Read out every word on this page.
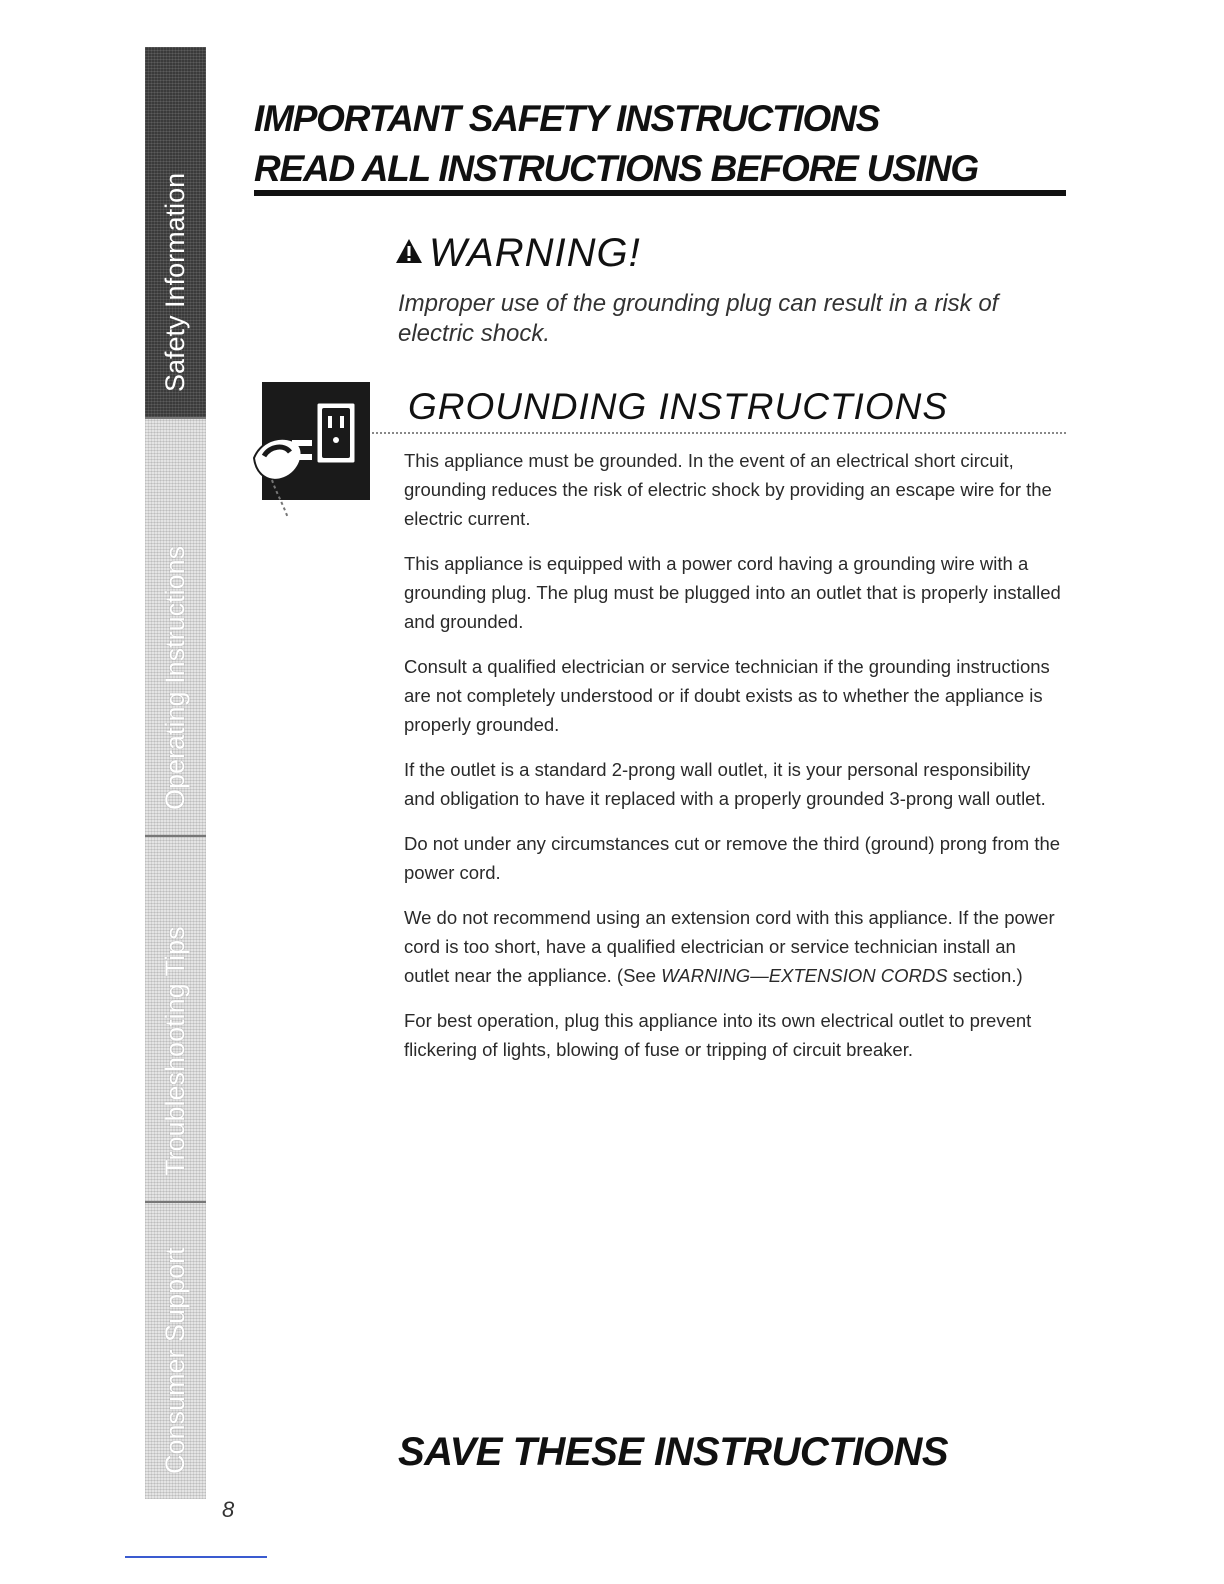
Safety Information
Operating Instructions
Troubleshooting Tips
Consumer Support
IMPORTANT SAFETY INSTRUCTIONS
READ ALL INSTRUCTIONS BEFORE USING
WARNING!
Improper use of the grounding plug can result in a risk of electric shock.
GROUNDING INSTRUCTIONS

This appliance must be grounded. In the event of an electrical short circuit, grounding reduces the risk of electric shock by providing an escape wire for the electric current.

This appliance is equipped with a power cord having a grounding wire with a grounding plug. The plug must be plugged into an outlet that is properly installed and grounded.

Consult a qualified electrician or service technician if the grounding instructions are not completely understood or if doubt exists as to whether the appliance is properly grounded.

If the outlet is a standard 2-prong wall outlet, it is your personal responsibility and obligation to have it replaced with a properly grounded 3-prong wall outlet.

Do not under any circumstances cut or remove the third (ground) prong from the power cord.

We do not recommend using an extension cord with this appliance. If the power cord is too short, have a qualified electrician or service technician install an outlet near the appliance. (See WARNING—EXTENSION CORDS section.)

For best operation, plug this appliance into its own electrical outlet to prevent flickering of lights, blowing of fuse or tripping of circuit breaker.

SAVE THESE INSTRUCTIONS
8
